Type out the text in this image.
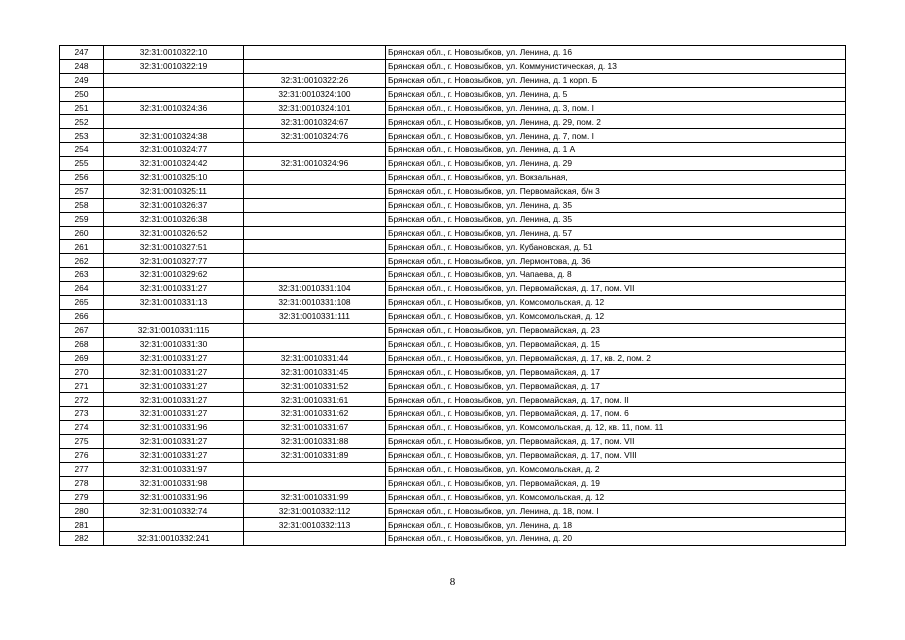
247	32:31:0010322:10		Брянская обл., г. Новозыбков, ул. Ленина, д. 16
248	32:31:0010322:19		Брянская обл., г. Новозыбков, ул. Коммунистическая, д. 13
249		32:31:0010322:26	Брянская обл., г. Новозыбков, ул. Ленина, д. 1 корп. Б
250		32:31:0010324:100	Брянская обл., г. Новозыбков, ул. Ленина, д. 5
251	32:31:0010324:36	32:31:0010324:101	Брянская обл., г. Новозыбков, ул. Ленина, д. 3, пом. I
252		32:31:0010324:67	Брянская обл., г. Новозыбков, ул. Ленина, д. 29, пом. 2
253	32:31:0010324:38	32:31:0010324:76	Брянская обл., г. Новозыбков, ул. Ленина, д. 7, пом. I
254	32:31:0010324:77		Брянская обл., г. Новозыбков, ул. Ленина, д. 1 А
255	32:31:0010324:42	32:31:0010324:96	Брянская обл., г. Новозыбков, ул. Ленина, д. 29
256	32:31:0010325:10		Брянская обл., г. Новозыбков, ул. Вокзальная,
257	32:31:0010325:11		Брянская обл., г. Новозыбков, ул. Первомайская, б/н 3
258	32:31:0010326:37		Брянская обл., г. Новозыбков, ул. Ленина, д. 35
259	32:31:0010326:38		Брянская обл., г. Новозыбков, ул. Ленина, д. 35
260	32:31:0010326:52		Брянская обл., г. Новозыбков, ул. Ленина, д. 57
261	32:31:0010327:51		Брянская обл., г. Новозыбков, ул. Кубановская, д. 51
262	32:31:0010327:77		Брянская обл., г. Новозыбков, ул. Лермонтова, д. 36
263	32:31:0010329:62		Брянская обл., г. Новозыбков, ул. Чапаева, д. 8
264	32:31:0010331:27	32:31:0010331:104	Брянская обл., г. Новозыбков, ул. Первомайская, д. 17, пом. VII
265	32:31:0010331:13	32:31:0010331:108	Брянская обл., г. Новозыбков, ул. Комсомольская, д. 12
266		32:31:0010331:111	Брянская обл., г. Новозыбков, ул. Комсомольская, д. 12
267	32:31:0010331:115		Брянская обл., г. Новозыбков, ул. Первомайская, д. 23
268	32:31:0010331:30		Брянская обл., г. Новозыбков, ул. Первомайская, д. 15
269	32:31:0010331:27	32:31:0010331:44	Брянская обл., г. Новозыбков, ул. Первомайская, д. 17, кв. 2, пом. 2
270	32:31:0010331:27	32:31:0010331:45	Брянская обл., г. Новозыбков, ул. Первомайская, д. 17
271	32:31:0010331:27	32:31:0010331:52	Брянская обл., г. Новозыбков, ул. Первомайская, д. 17
272	32:31:0010331:27	32:31:0010331:61	Брянская обл., г. Новозыбков, ул. Первомайская, д. 17, пом. II
273	32:31:0010331:27	32:31:0010331:62	Брянская обл., г. Новозыбков, ул. Первомайская, д. 17, пом. 6
274	32:31:0010331:96	32:31:0010331:67	Брянская обл., г. Новозыбков, ул. Комсомольская, д. 12, кв. 11, пом. 11
275	32:31:0010331:27	32:31:0010331:88	Брянская обл., г. Новозыбков, ул. Первомайская, д. 17, пом. VII
276	32:31:0010331:27	32:31:0010331:89	Брянская обл., г. Новозыбков, ул. Первомайская, д. 17, пом. VIII
277	32:31:0010331:97		Брянская обл., г. Новозыбков, ул. Комсомольская, д. 2
278	32:31:0010331:98		Брянская обл., г. Новозыбков, ул. Первомайская, д. 19
279	32:31:0010331:96	32:31:0010331:99	Брянская обл., г. Новозыбков, ул. Комсомольская, д. 12
280	32:31:0010332:74	32:31:0010332:112	Брянская обл., г. Новозыбков, ул. Ленина, д. 18, пом. I
281		32:31:0010332:113	Брянская обл., г. Новозыбков, ул. Ленина, д. 18
282	32:31:0010332:241		Брянская обл., г. Новозыбков, ул. Ленина, д. 20
8
